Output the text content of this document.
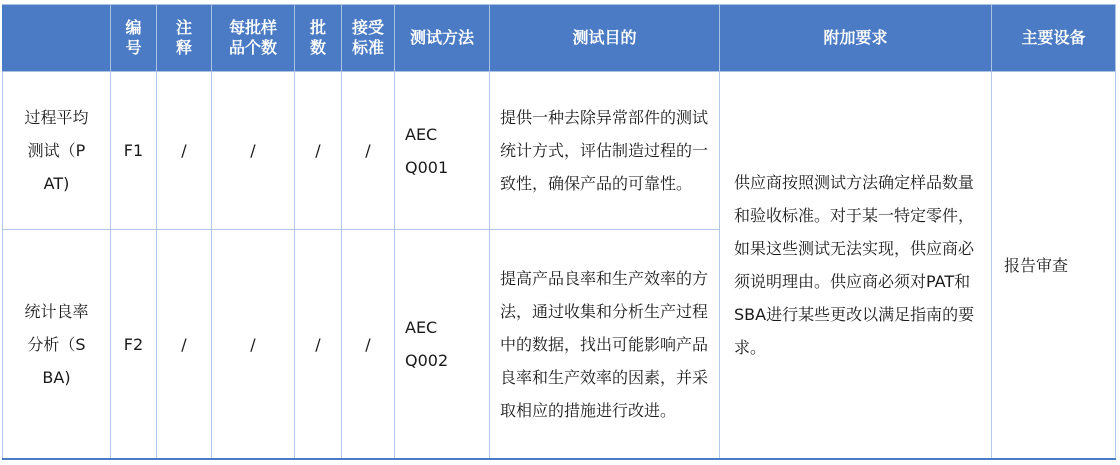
	编号	注释	每批样品个数	批数	接受标准	测试方法	测试目的	附加要求	主要设备

过程平均测试（PAT)	F1	/	/	/	/	AEC Q001	提供一种去除异常部件的测试统计方式，评估制造过程的一致性，确保产品的可靠性。	供应商按照测试方法确定样品数量和验收标准。对于某一特定零件，如果这些测试无法实现，供应商必须说明理由。供应商必须对PAT和SBA进行某些更改以满足指南的要求。	报告审查

统计良率分析（SBA)	F2	/	/	/	/	AEC Q002	提高产品良率和生产效率的方法，通过收集和分析生产过程中的数据，找出可能影响产品良率和生产效率的因素，并采取相应的措施进行改进。		
